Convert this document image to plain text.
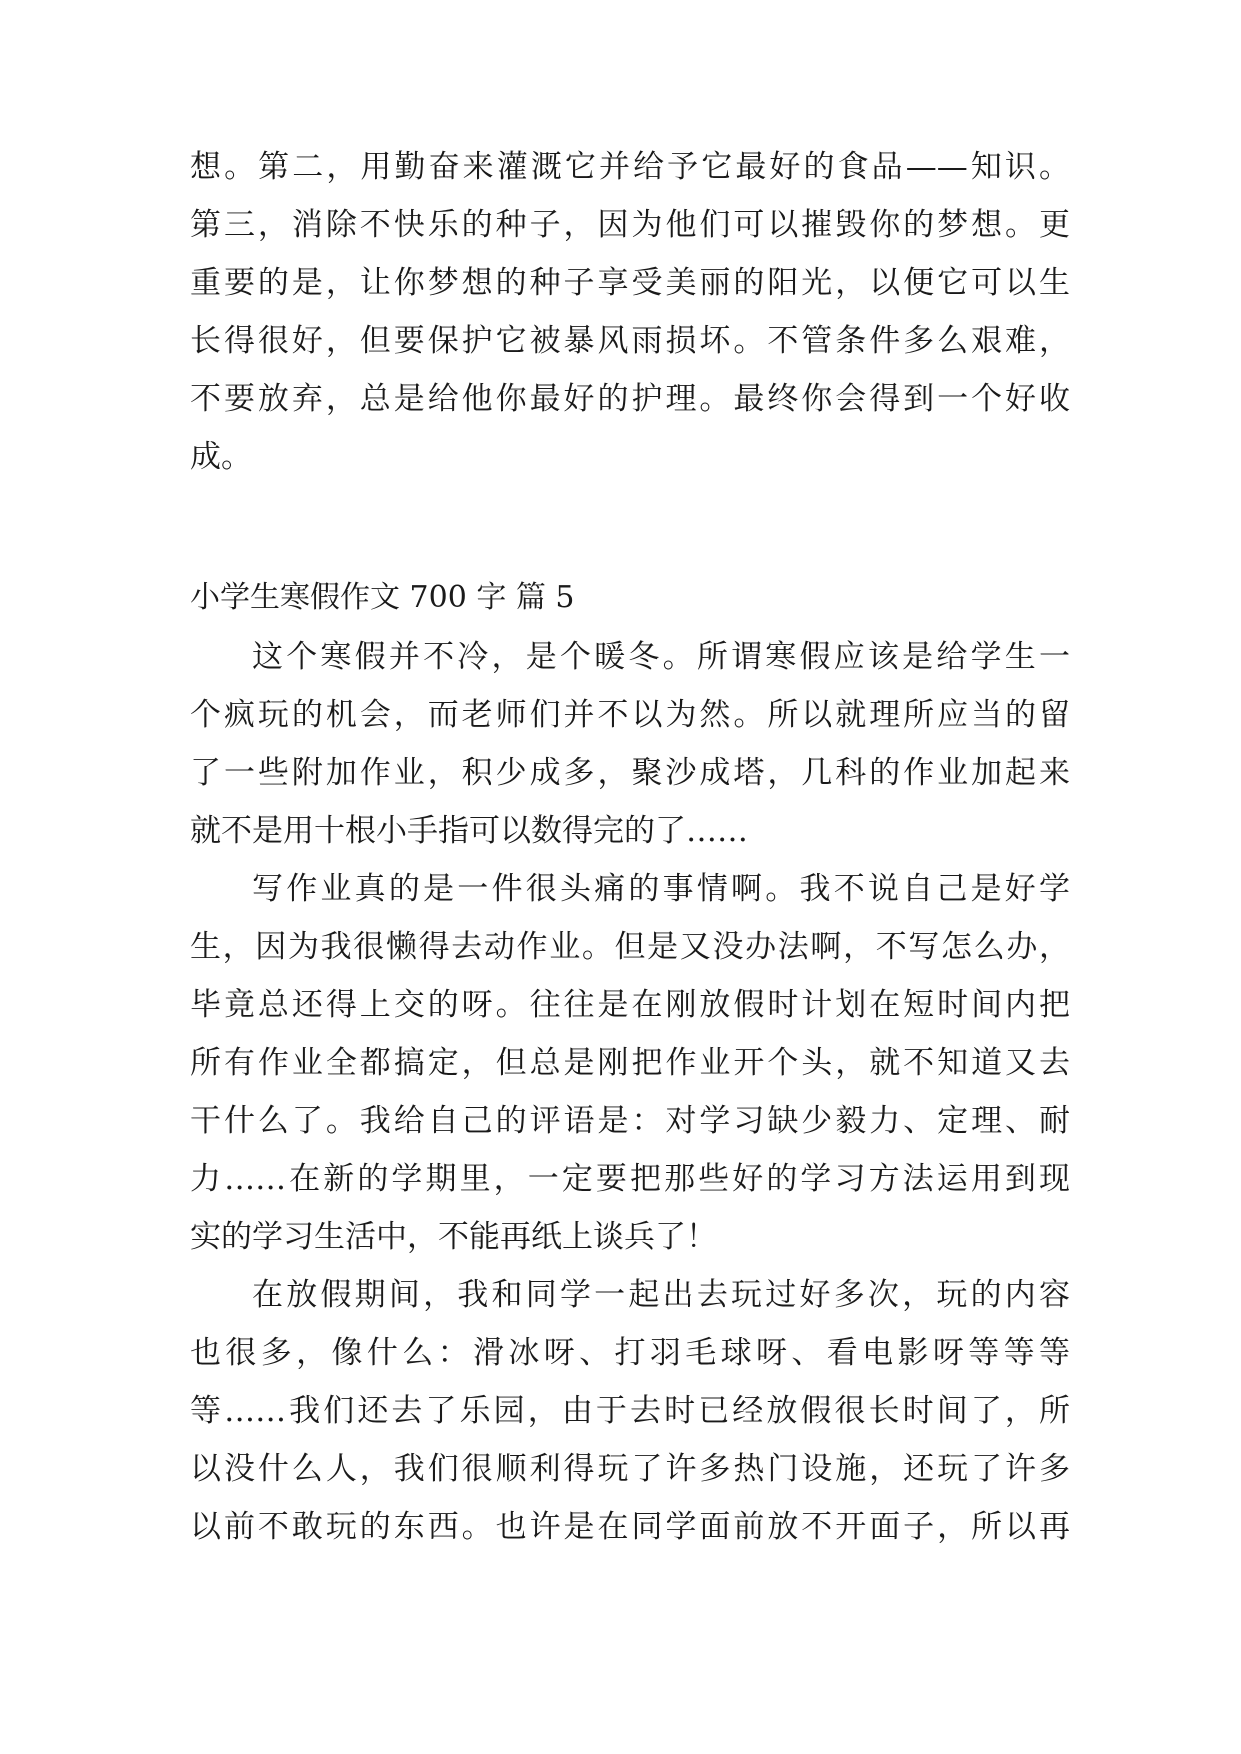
想。第二，用勤奋来灌溉它并给予它最好的食品——知识。

第三，消除不快乐的种子，因为他们可以摧毁你的梦想。更

重要的是，让你梦想的种子享受美丽的阳光，以便它可以生

长得很好，但要保护它被暴风雨损坏。不管条件多么艰难，

不要放弃，总是给他你最好的护理。最终你会得到一个好收

成。

小学生寒假作文 700 字 篇 5

这个寒假并不冷，是个暖冬。所谓寒假应该是给学生一

个疯玩的机会，而老师们并不以为然。所以就理所应当的留

了一些附加作业，积少成多，聚沙成塔，几科的作业加起来

就不是用十根小手指可以数得完的了……

写作业真的是一件很头痛的事情啊。我不说自己是好学

生，因为我很懒得去动作业。但是又没办法啊，不写怎么办，

毕竟总还得上交的呀。往往是在刚放假时计划在短时间内把

所有作业全都搞定，但总是刚把作业开个头，就不知道又去

干什么了。我给自己的评语是：对学习缺少毅力、定理、耐

力……在新的学期里，一定要把那些好的学习方法运用到现

实的学习生活中，不能再纸上谈兵了！

在放假期间，我和同学一起出去玩过好多次，玩的内容

也很多，像什么：滑冰呀、打羽毛球呀、看电影呀等等等

等……我们还去了乐园，由于去时已经放假很长时间了，所

以没什么人，我们很顺利得玩了许多热门设施，还玩了许多

以前不敢玩的东西。也许是在同学面前放不开面子，所以再
